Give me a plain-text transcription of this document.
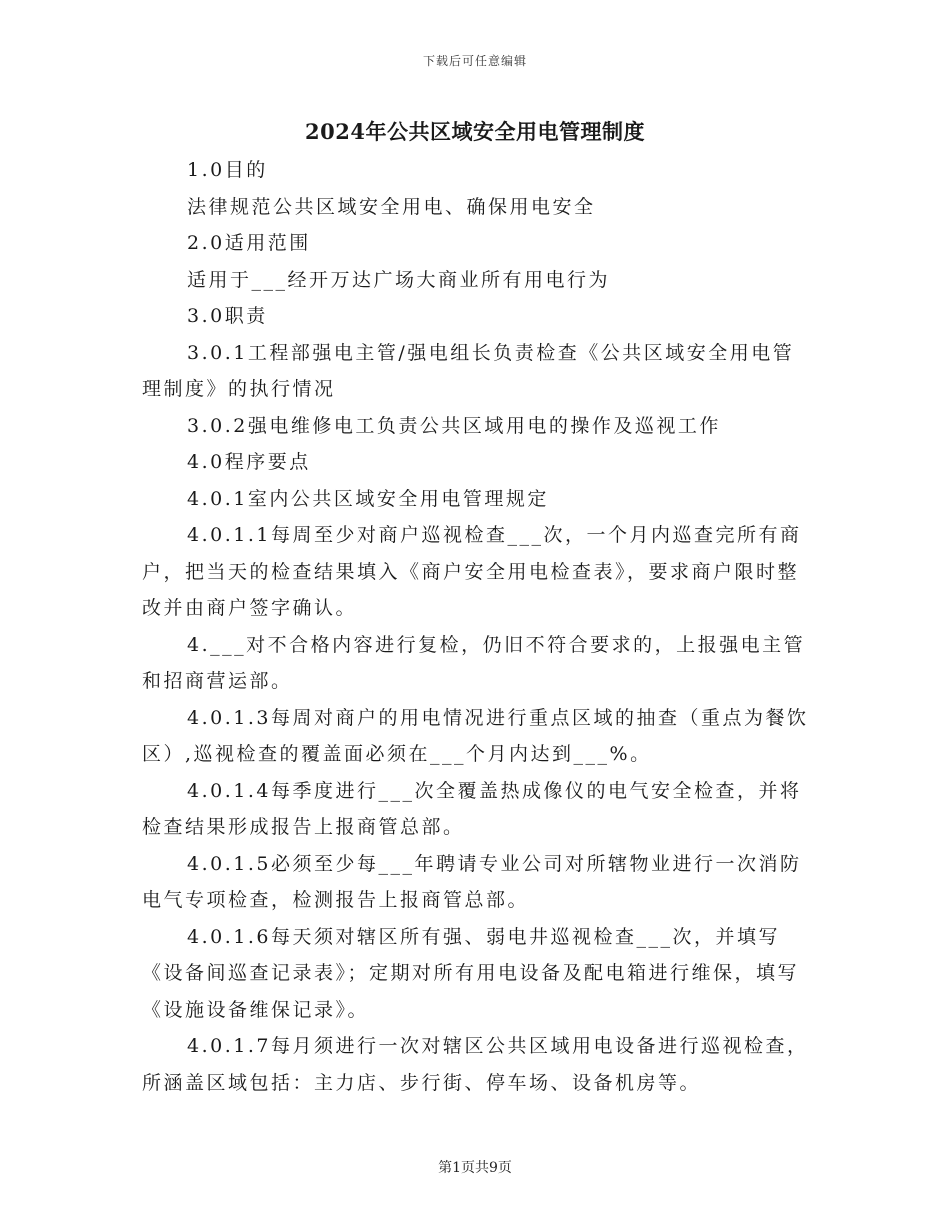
下载后可任意编辑
2024年公共区域安全用电管理制度

1.0目的

法律规范公共区域安全用电、确保用电安全

2.0适用范围

适用于___经开万达广场大商业所有用电行为

3.0职责

3.0.1工程部强电主管/强电组长负责检查《公共区域安全用电管理制度》的执行情况

3.0.2强电维修电工负责公共区域用电的操作及巡视工作

4.0程序要点

4.0.1室内公共区域安全用电管理规定

4.0.1.1每周至少对商户巡视检查___次，一个月内巡查完所有商户，把当天的检查结果填入《商户安全用电检查表》，要求商户限时整改并由商户签字确认。

4.___对不合格内容进行复检，仍旧不符合要求的，上报强电主管和招商营运部。

4.0.1.3每周对商户的用电情况进行重点区域的抽查（重点为餐饮区）,巡视检查的覆盖面必须在___个月内达到___%。

4.0.1.4每季度进行___次全覆盖热成像仪的电气安全检查，并将检查结果形成报告上报商管总部。

4.0.1.5必须至少每___年聘请专业公司对所辖物业进行一次消防电气专项检查，检测报告上报商管总部。

4.0.1.6每天须对辖区所有强、弱电井巡视检查___次，并填写《设备间巡查记录表》；定期对所有用电设备及配电箱进行维保，填写《设施设备维保记录》。

4.0.1.7每月须进行一次对辖区公共区域用电设备进行巡视检查，所涵盖区域包括：主力店、步行街、停车场、设备机房等。

第1页共9页
